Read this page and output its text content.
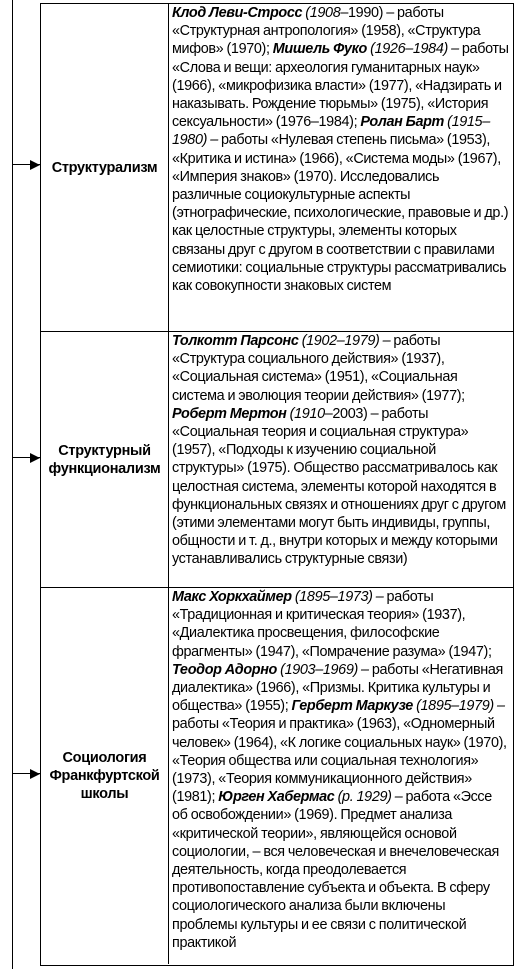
Структурализм

Клод Леви-Стросс (1908–1990) – работы «Структурная антропология» (1958), «Структура мифов» (1970); Мишель Фуко (1926–1984) – работы «Слова и вещи: археология гуманитарных наук» (1966), «микрофизика власти» (1977), «Надзирать и наказывать. Рождение тюрьмы» (1975), «История сексуальности» (1976–1984); Ролан Барт (1915–1980) – работы «Нулевая степень письма» (1953), «Критика и истина» (1966), «Система моды» (1967), «Империя знаков» (1970). Исследовались различные социокультурные аспекты (этнографические, психологические, правовые и др.) как целостные структуры, элементы которых связаны друг с другом в соответствии с правилами семиотики: социальные структуры рассматривались как совокупности знаковых систем

Структурный функционализм

Толкотт Парсонс (1902–1979) – работы «Структура социального действия» (1937), «Социальная система» (1951), «Социальная система и эволюция теории действия» (1977); Роберт Мертон (1910–2003) – работы «Социальная теория и социальная структура» (1957), «Подходы к изучению социальной структуры» (1975). Общество рассматривалось как целостная система, элементы которой находятся в функциональных связях и отношениях друг с другом (этими элементами могут быть индивиды, группы, общности и т. д., внутри которых и между которыми устанавливались структурные связи)

Социология Франкфуртской школы

Макс Хоркхаймер (1895–1973) – работы «Традиционная и критическая теория» (1937), «Диалектика просвещения, философские фрагменты» (1947), «Помрачение разума» (1947); Теодор Адорно (1903–1969) – работы «Негативная диалектика» (1966), «Призмы. Критика культуры и общества» (1955); Герберт Маркузе (1895–1979) – работы «Теория и практика» (1963), «Одномерный человек» (1964), «К логике социальных наук» (1970), «Теория общества или социальная технология» (1973), «Теория коммуникационного действия» (1981); Юрген Хабермас (р. 1929) – работа «Эссе об освобождении» (1969). Предмет анализа «критической теории», являющейся основой социологии, – вся человеческая и внечеловеческая деятельность, когда преодолевается противопоставление субъекта и объекта. В сферу социологического анализа были включены проблемы культуры и ее связи с политической практикой
